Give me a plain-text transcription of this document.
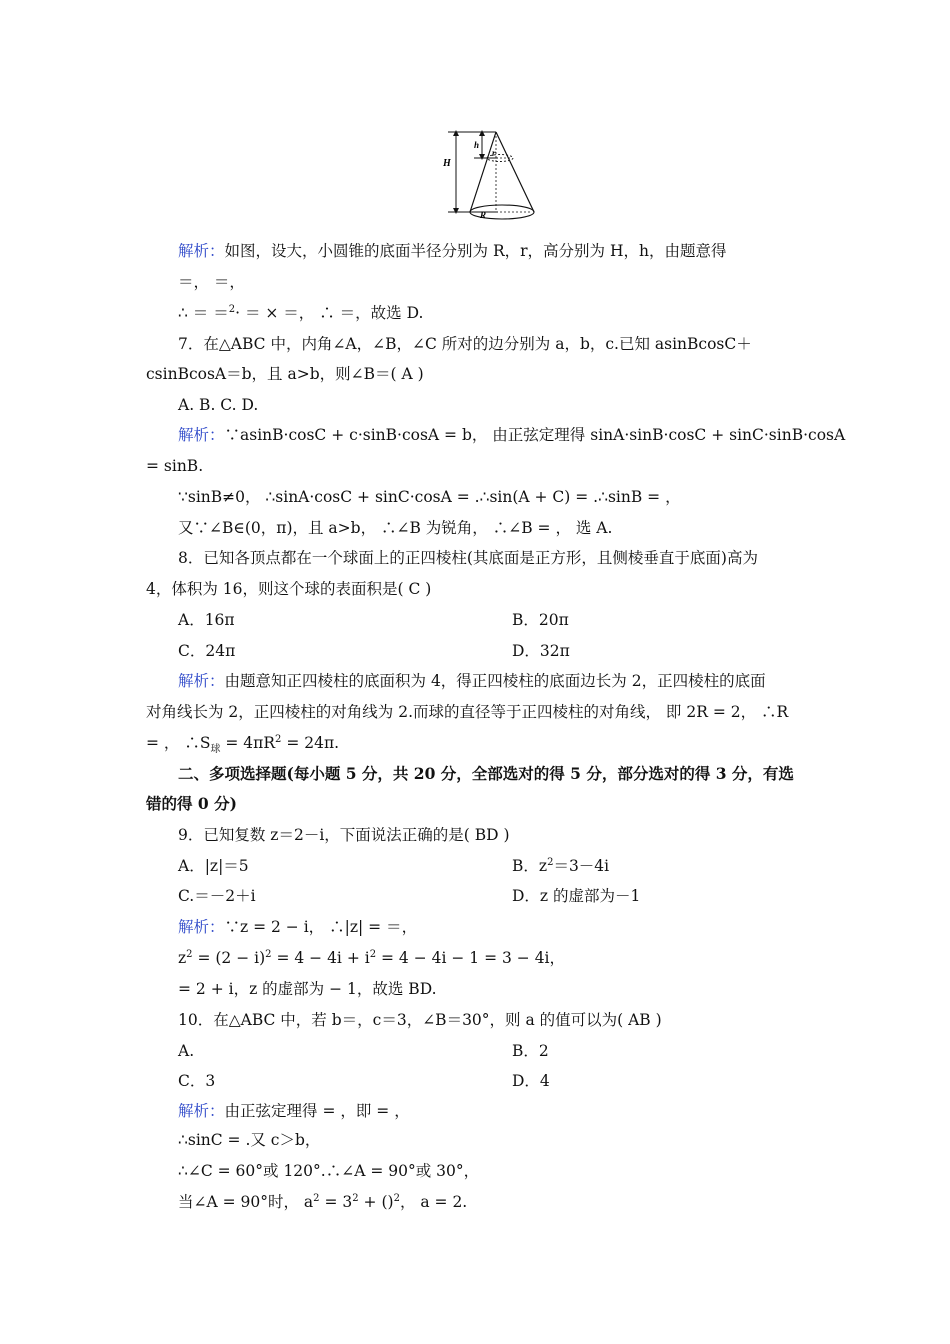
H
h
r
R
解析：如图，设大，小圆锥的底面半径分别为 R，r，高分别为 H，h，由题意得
＝， ＝，
∴ ＝ ＝$^2$· ＝ × ＝， ∴ ＝，故选 D.
7．在△ABC 中，内角∠A，∠B，∠C 所对的边分别为 a，b，c.已知 asinBcosC＋
csinBcosA＝b，且 a>b，则∠B＝( A )
A. B. C. D.
解析：∵asinB·cosC + c·sinB·cosA = b， 由正弦定理得 sinA·sinB·cosC + sinC·sinB·cosA
= sinB.
∵sinB≠0， ∴sinA·cosC + sinC·cosA = .∴sin(A + C) = .∴sinB = ，
又∵∠B∈(0，π)，且 a>b， ∴∠B 为锐角， ∴∠B = ， 选 A.
8．已知各顶点都在一个球面上的正四棱柱(其底面是正方形，且侧棱垂直于底面)高为
4，体积为 16，则这个球的表面积是( C )
A．16π	B．20π
C．24π	D．32π
解析：由题意知正四棱柱的底面积为 4，得正四棱柱的底面边长为 2，正四棱柱的底面
对角线长为 2，正四棱柱的对角线为 2.而球的直径等于正四棱柱的对角线， 即 2R = 2， ∴R
= ， $\therefore S_球 = 4\pi R^2 = 24\pi$.
二、多项选择题(每小题 5 分，共 20 分，全部选对的得 5 分，部分选对的得 3 分，有选
错的得 0 分)
9．已知复数 z＝2－i，下面说法正确的是( BD )
A．|z|＝5	B．$z^2=3-4i$
C.＝－2＋i	D．z 的虚部为－1
解析：∵z = 2 − i， ∴|z| = ＝，
$z^2 = (2 - i)^2 = 4 - 4i + i^2 = 4 - 4i - 1 = 3 - 4i$，
= 2 + i，z 的虚部为 − 1，故选 BD.
10．在△ABC 中，若 b＝，c＝3，∠B＝30°，则 a 的值可以为( AB )
A.	B．2
C．3	D．4
解析：由正弦定理得 = ，即 = ，
∴sinC = .又 c＞b，
∴∠C = 60°或 120°.∴∠A = 90°或 30°，
当∠A = 90°时， $a^2 = 3^2 + ()^2$， a = 2.
